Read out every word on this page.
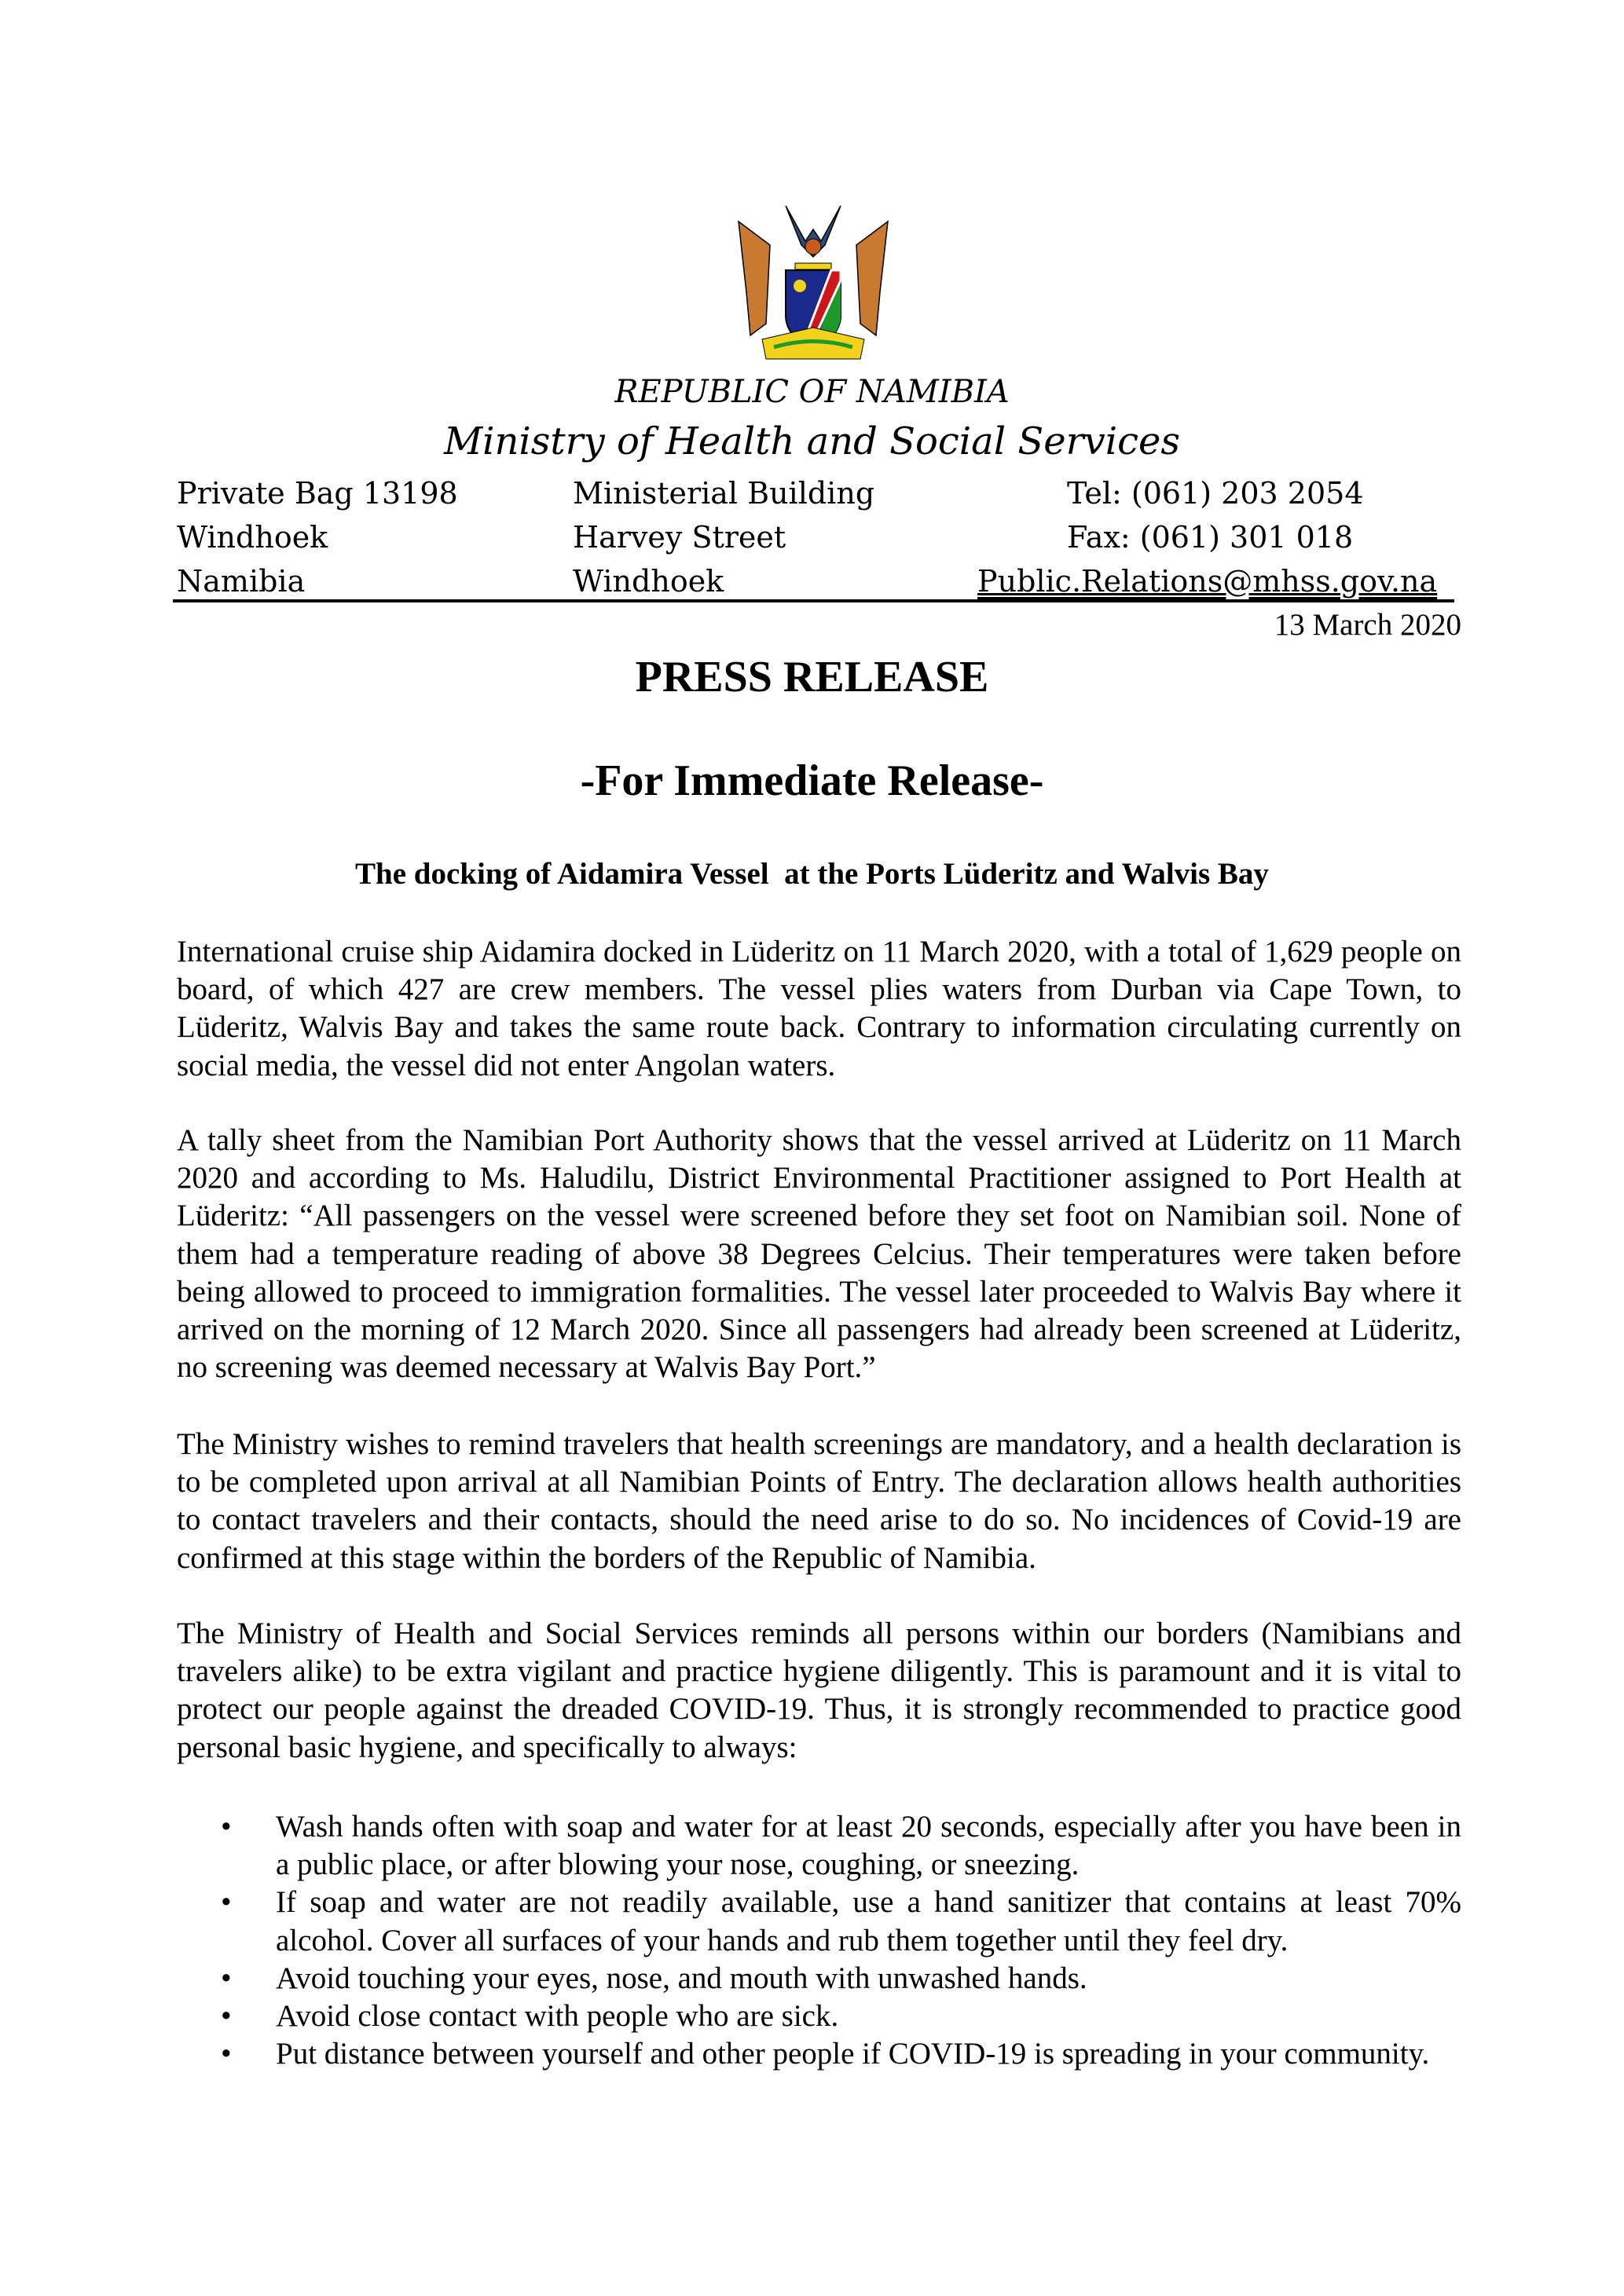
REPUBLIC OF NAMIBIA
Ministry of Health and Social Services
Private Bag 13198
Windhoek
Namibia
Ministerial Building
Harvey Street
Windhoek
Tel: (061) 203 2054
Fax: (061) 301 018
Public.Relations@mhss.gov.na
13 March 2020
PRESS RELEASE
-For Immediate Release-
The docking of Aidamira Vessel  at the Ports Lüderitz and Walvis Bay
International cruise ship Aidamira docked in Lüderitz on 11 March 2020, with a total of 1,629 people on board, of which 427 are crew members. The vessel plies waters from Durban via Cape Town, to Lüderitz, Walvis Bay and takes the same route back. Contrary to information circulating currently on social media, the vessel did not enter Angolan waters.
A tally sheet from the Namibian Port Authority shows that the vessel arrived at Lüderitz on 11 March 2020 and according to Ms. Haludilu, District Environmental Practitioner assigned to Port Health at Lüderitz: “All passengers on the vessel were screened before they set foot on Namibian soil. None of them had a temperature reading of above 38 Degrees Celcius. Their temperatures were taken before being allowed to proceed to immigration formalities. The vessel later proceeded to Walvis Bay where it arrived on the morning of 12 March 2020. Since all passengers had already been screened at Lüderitz, no screening was deemed necessary at Walvis Bay Port.”
The Ministry wishes to remind travelers that health screenings are mandatory, and a health declaration is to be completed upon arrival at all Namibian Points of Entry. The declaration allows health authorities to contact travelers and their contacts, should the need arise to do so. No incidences of Covid-19 are confirmed at this stage within the borders of the Republic of Namibia.
The Ministry of Health and Social Services reminds all persons within our borders (Namibians and travelers alike) to be extra vigilant and practice hygiene diligently. This is paramount and it is vital to protect our people against the dreaded COVID-19. Thus, it is strongly recommended to practice good personal basic hygiene, and specifically to always:
• Wash hands often with soap and water for at least 20 seconds, especially after you have been in a public place, or after blowing your nose, coughing, or sneezing.
• If soap and water are not readily available, use a hand sanitizer that contains at least 70% alcohol. Cover all surfaces of your hands and rub them together until they feel dry.
• Avoid touching your eyes, nose, and mouth with unwashed hands.
• Avoid close contact with people who are sick.
• Put distance between yourself and other people if COVID-19 is spreading in your community.
